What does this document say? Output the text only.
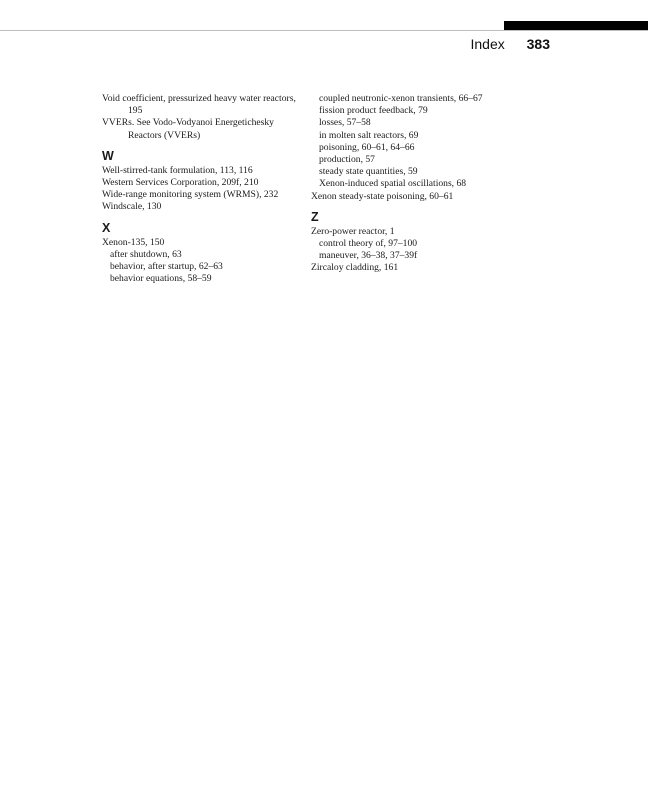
Index 383
Void coefficient, pressurized heavy water reactors,
195
VVERs. See Vodo-Vodyanoi Energetichesky
Reactors (VVERs)
W
Well-stirred-tank formulation, 113, 116
Western Services Corporation, 209f, 210
Wide-range monitoring system (WRMS), 232
Windscale, 130
X
Xenon-135, 150
after shutdown, 63
behavior, after startup, 62–63
behavior equations, 58–59
coupled neutronic-xenon transients, 66–67
fission product feedback, 79
losses, 57–58
in molten salt reactors, 69
poisoning, 60–61, 64–66
production, 57
steady state quantities, 59
Xenon-induced spatial oscillations, 68
Xenon steady-state poisoning, 60–61
Z
Zero-power reactor, 1
control theory of, 97–100
maneuver, 36–38, 37–39f
Zircaloy cladding, 161
